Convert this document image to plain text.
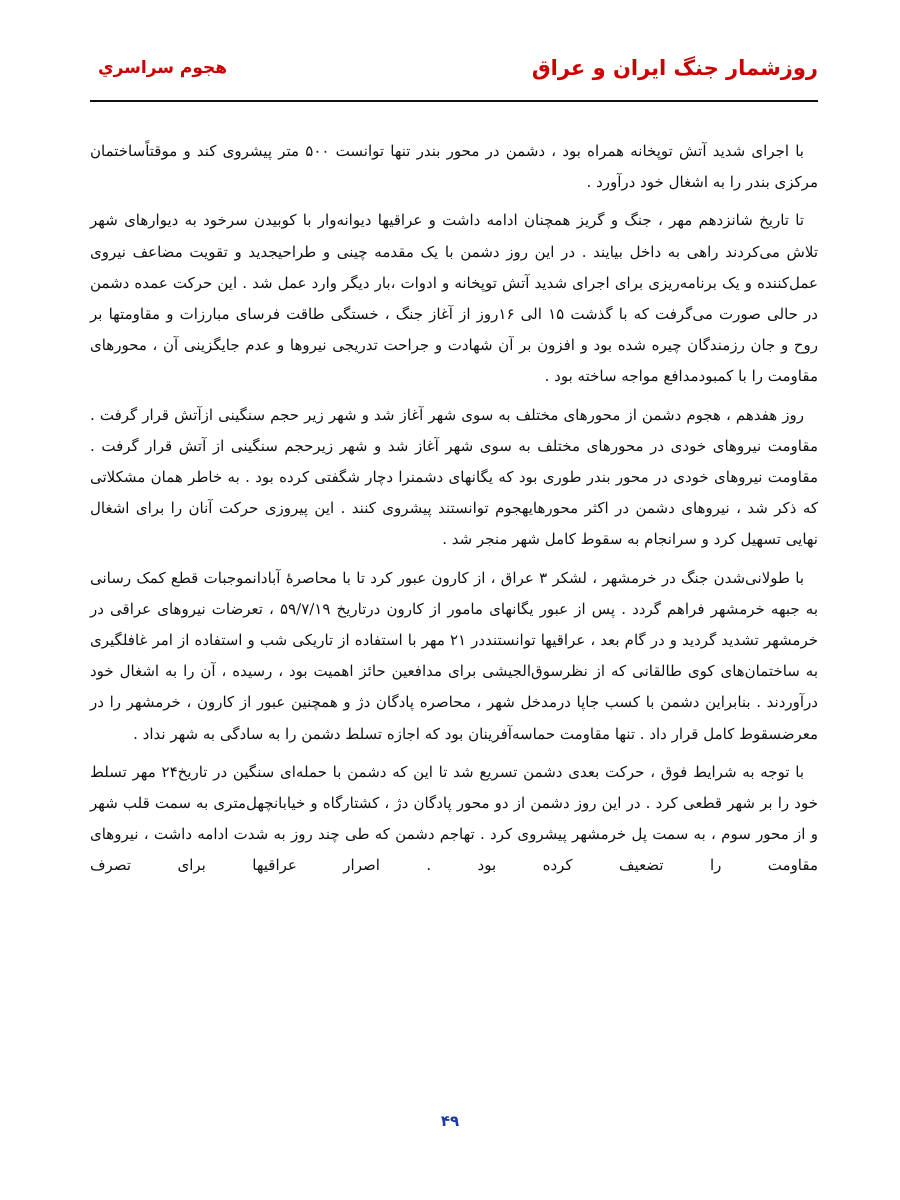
روزشمار جنگ ایران و عراق
هجوم سراسري

با اجرای شدید آتش توپخانه همراه بود ، دشمن در محور بندر تنها توانست ۵۰۰ متر پیشروی کند و موقتاًساختمان مرکزی بندر را به اشغال خود درآورد .

تا تاریخ شانزدهم مهر ، جنگ و گریز همچنان ادامه داشت و عراقیها دیوانه‌وار با کوبیدن سرخود به دیوارهای شهر تلاش می‌کردند راهی به داخل بیایند . در این روز دشمن با یک مقدمه چینی و طراحیجدید و تقویت مضاعف نیروی عمل‌کننده و یک برنامه‌ریزی برای اجرای شدید آتش توپخانه و ادوات ،بار دیگر وارد عمل شد . این حرکت عمده دشمن در حالی صورت می‌گرفت که با گذشت ۱۵ الی ۱۶روز از آغاز جنگ ، خستگی طاقت فرسای مبارزات و مقاومتها بر روح و جان رزمندگان چیره شده بود و افزون بر آن شهادت و جراحت تدریجی نیروها و عدم جایگزینی آن ، محورهای مقاومت را با کمبودمدافع مواجه ساخته بود .

روز هفدهم ، هجوم دشمن از محورهای مختلف به سوی شهر آغاز شد و شهر زیر حجم سنگینی ازآتش قرار گرفت . مقاومت نیروهای خودی در محورهای مختلف به سوی شهر آغاز شد و شهر زیرحجم سنگینی از آتش قرار گرفت . مقاومت نیروهای خودی در محور بندر طوری بود که یگانهای دشمنرا دچار شگفتی کرده بود . به خاطر همان مشکلاتی که ذکر شد ، نیروهای دشمن در اکثر محورهایهجوم توانستند پیشروی کنند . این پیروزی حرکت آنان را برای اشغال نهایی تسهیل کرد و سرانجام به سقوط کامل شهر منجر شد .

با طولانی‌شدن جنگ در خرمشهر ، لشکر ۳ عراق ، از کارون عبور کرد تا با محاصرهٔ آبادانموجبات قطع کمک رسانی به جبهه خرمشهر فراهم گردد . پس از عبور یگانهای مامور از کارون درتاریخ ۵۹/۷/۱۹ ، تعرضات نیروهای عراقی در خرمشهر تشدید گردید و در گام بعد ، عراقیها توانستنددر ۲۱ مهر با استفاده از تاریکی شب و استفاده از امر غافلگیری به ساختمان‌های کوی طالقانی که از نظرسوق‌الجیشی برای مدافعین حائز اهمیت بود ، رسیده ، آن را به اشغال خود درآوردند . بنابراین دشمن با کسب جاپا درمدخل شهر ، محاصره پادگان دژ و همچنین عبور از کارون ، خرمشهر را در معرضسقوط کامل قرار داد . تنها مقاومت حماسه‌آفرینان بود که اجازه تسلط دشمن را به سادگی به شهر نداد .

با توجه به شرایط فوق ، حرکت بعدی دشمن تسریع شد تا این که دشمن با حمله‌ای سنگین در تاریخ۲۴ مهر تسلط خود را بر شهر قطعی کرد . در این روز دشمن از دو محور پادگان دژ ، کشتارگاه و خیابانچهل‌متری به سمت قلب شهر و از محور سوم ، به سمت پل خرمشهر پیشروی کرد . تهاجم دشمن که طی چند روز به شدت ادامه داشت ، نیروهای مقاومت را تضعیف کرده بود . اصرار عراقیها برای تصرف

۴۹
